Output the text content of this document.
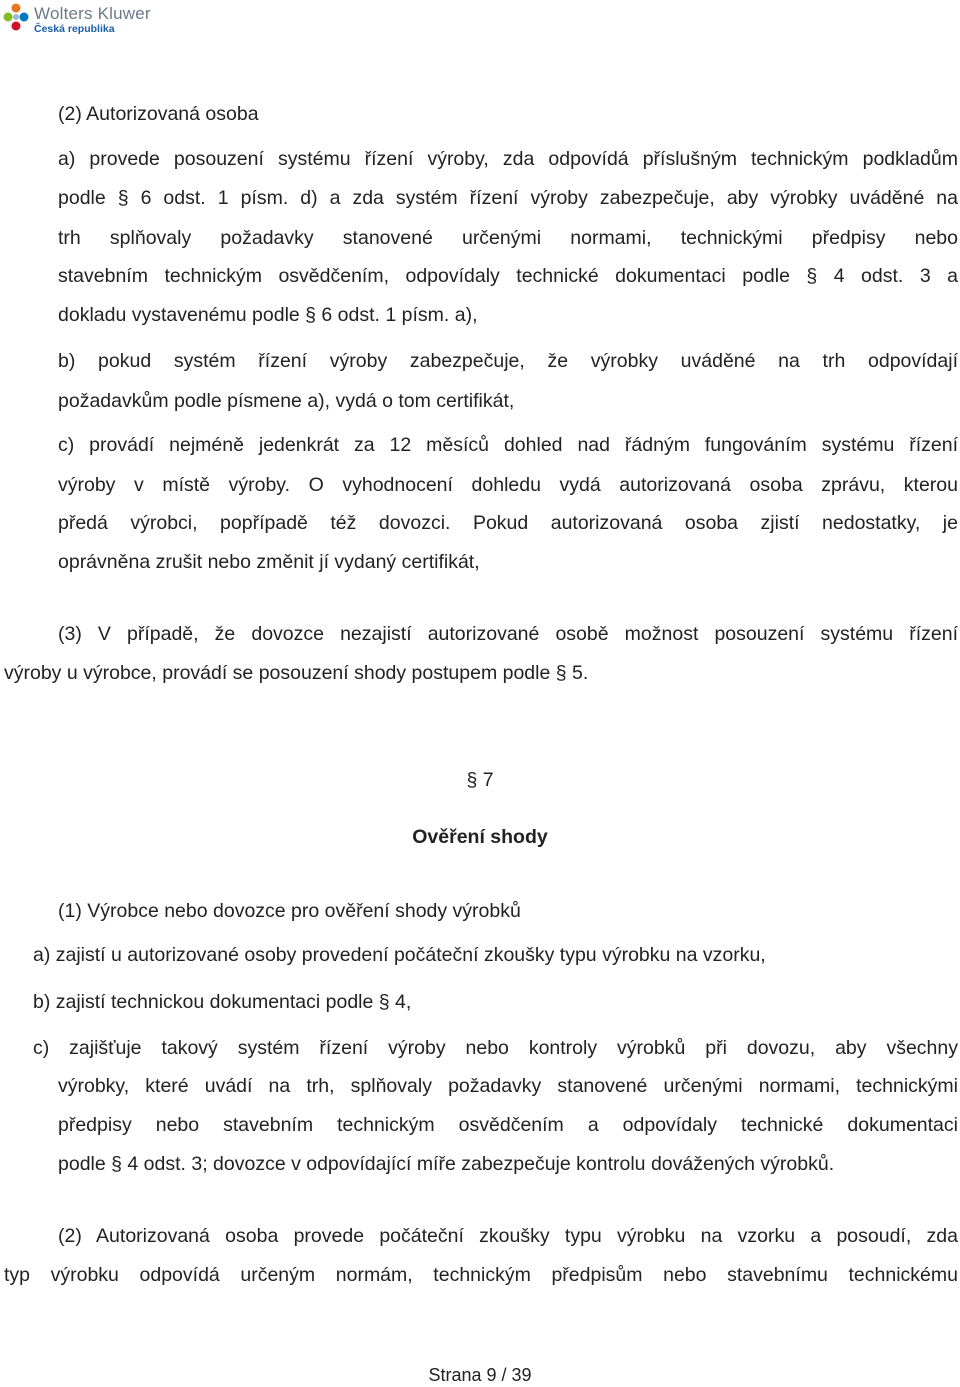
Wolters Kluwer
Česká republika
(2) Autorizovaná osoba
a) provede posouzení systému řízení výroby, zda odpovídá příslušným technickým podkladům
podle § 6 odst. 1 písm. d) a zda systém řízení výroby zabezpečuje, aby výrobky uváděné na
trh splňovaly požadavky stanovené určenými normami, technickými předpisy nebo
stavebním technickým osvědčením, odpovídaly technické dokumentaci podle § 4 odst. 3 a
dokladu vystavenému podle § 6 odst. 1 písm. a),
b) pokud systém řízení výroby zabezpečuje, že výrobky uváděné na trh odpovídají
požadavkům podle písmene a), vydá o tom certifikát,
c) provádí nejméně jedenkrát za 12 měsíců dohled nad řádným fungováním systému řízení
výroby v místě výroby. O vyhodnocení dohledu vydá autorizovaná osoba zprávu, kterou
předá výrobci, popřípadě též dovozci. Pokud autorizovaná osoba zjistí nedostatky, je
oprávněna zrušit nebo změnit jí vydaný certifikát,
(3) V případě, že dovozce nezajistí autorizované osobě možnost posouzení systému řízení
výroby u výrobce, provádí se posouzení shody postupem podle § 5.
§ 7
Ověření shody
(1) Výrobce nebo dovozce pro ověření shody výrobků
a) zajistí u autorizované osoby provedení počáteční zkoušky typu výrobku na vzorku,
b) zajistí technickou dokumentaci podle § 4,
c) zajišťuje takový systém řízení výroby nebo kontroly výrobků při dovozu, aby všechny
výrobky, které uvádí na trh, splňovaly požadavky stanovené určenými normami, technickými
předpisy nebo stavebním technickým osvědčením a odpovídaly technické dokumentaci
podle § 4 odst. 3; dovozce v odpovídající míře zabezpečuje kontrolu dovážených výrobků.
(2) Autorizovaná osoba provede počáteční zkoušky typu výrobku na vzorku a posoudí, zda
typ výrobku odpovídá určeným normám, technickým předpisům nebo stavebnímu technickému
Strana 9 / 39
